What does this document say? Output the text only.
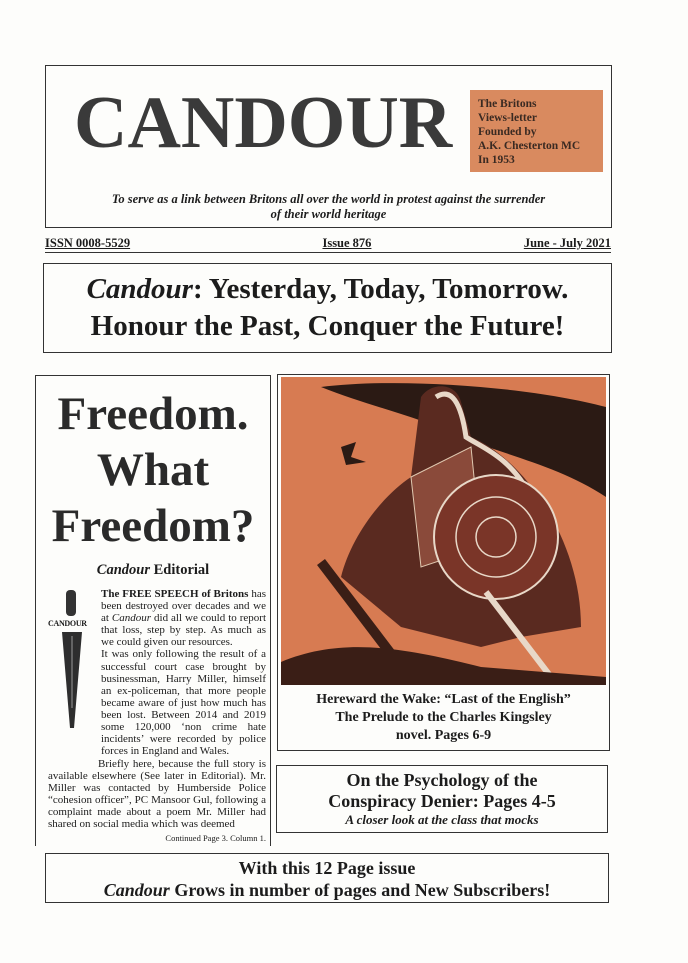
CANDOUR The Britons
Views-letter
Founded by
A.K. Chesterton MC
In 1953
To serve as a link between Britons all over the world in protest against the surrender
of their world heritage
ISSN 0008-5529	Issue 876	June - July 2021
Candour: Yesterday, Today, Tomorrow.
Honour the Past, Conquer the Future!
Freedom.
What
Freedom?
Candour Editorial
CANDOUR
The FREE SPEECH of Britons has been destroyed over decades and we at Candour did all we could to report that loss, step by step. As much as we could given our resources.
It was only following the result of a successful court case brought by businessman, Harry Miller, himself an ex-policeman, that more people became aware of just how much has been lost. Between 2014 and 2019 some 120,000 ‘non crime hate incidents’ were recorded by police forces in England and Wales.
Briefly here, because the full story is available elsewhere (See later in Editorial). Mr. Miller was contacted by Humberside Police “cohesion officer”, PC Mansoor Gul, following a complaint made about a poem Mr. Miller had shared on social media which was deemed
Continued Page 3. Column 1.
Hereward the Wake: “Last of the English”
The Prelude to the Charles Kingsley
novel. Pages 6-9
On the Psychology of the
Conspiracy Denier: Pages 4-5
A closer look at the class that mocks
With this 12 Page issue
Candour Grows in number of pages and New Subscribers!
